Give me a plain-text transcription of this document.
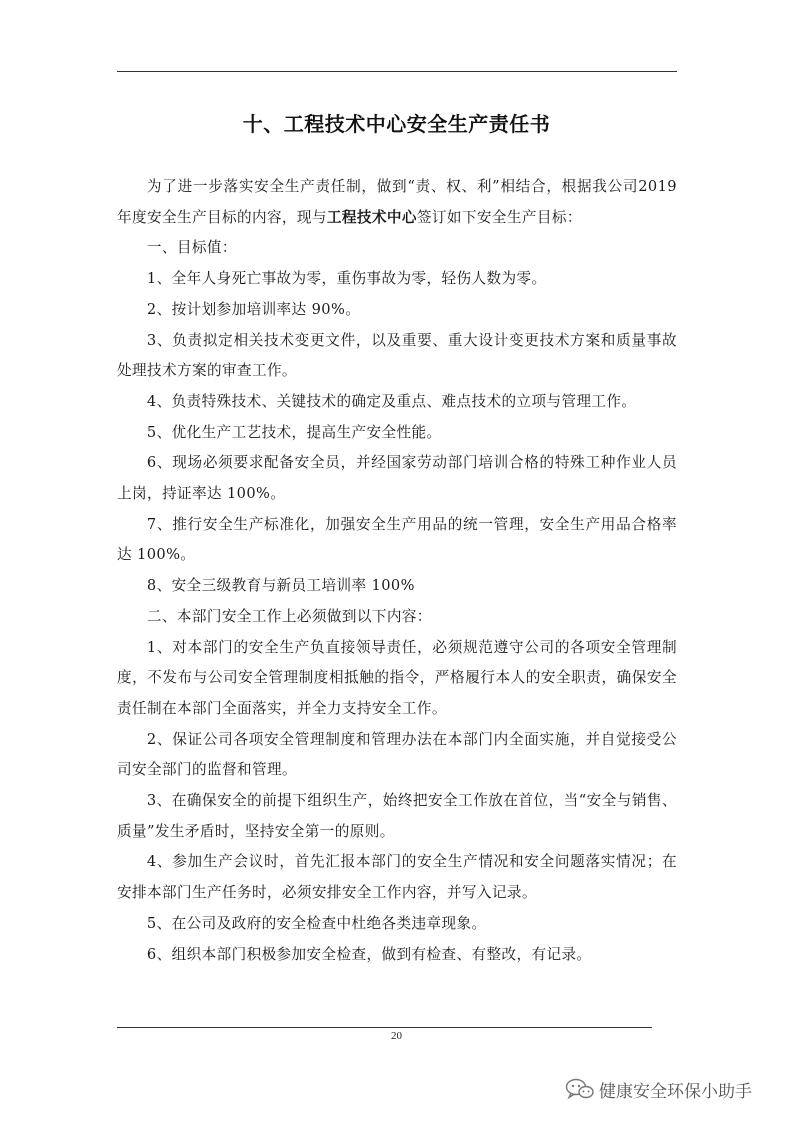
十、工程技术中心安全生产责任书

为了进一步落实安全生产责任制，做到“责、权、利”相结合，根据我公司2019年度安全生产目标的内容，现与工程技术中心签订如下安全生产目标：

一、目标值：

1、全年人身死亡事故为零，重伤事故为零，轻伤人数为零。

2、按计划参加培训率达 90%。

3、负责拟定相关技术变更文件，以及重要、重大设计变更技术方案和质量事故处理技术方案的审查工作。

4、负责特殊技术、关键技术的确定及重点、难点技术的立项与管理工作。

5、优化生产工艺技术，提高生产安全性能。

6、现场必须要求配备安全员，并经国家劳动部门培训合格的特殊工种作业人员上岗，持证率达 100%。

7、推行安全生产标准化，加强安全生产用品的统一管理，安全生产用品合格率达 100%。

8、安全三级教育与新员工培训率 100%

二、本部门安全工作上必须做到以下内容：

1、对本部门的安全生产负直接领导责任，必须规范遵守公司的各项安全管理制度，不发布与公司安全管理制度相抵触的指令，严格履行本人的安全职责，确保安全责任制在本部门全面落实，并全力支持安全工作。

2、保证公司各项安全管理制度和管理办法在本部门内全面实施，并自觉接受公司安全部门的监督和管理。

3、在确保安全的前提下组织生产，始终把安全工作放在首位，当“安全与销售、质量”发生矛盾时，坚持安全第一的原则。

4、参加生产会议时，首先汇报本部门的安全生产情况和安全问题落实情况；在安排本部门生产任务时，必须安排安全工作内容，并写入记录。

5、在公司及政府的安全检查中杜绝各类违章现象。

6、组织本部门积极参加安全检查，做到有检查、有整改，有记录。

20
健康安全环保小助手
